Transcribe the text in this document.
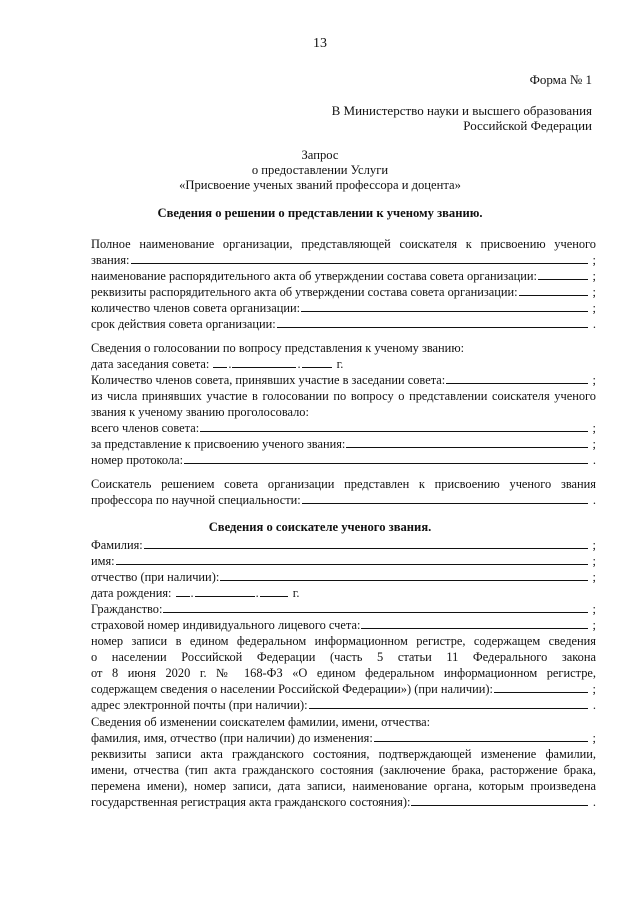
13
Форма № 1
В Министерство науки и высшего образования
Российской Федерации
Запрос
о предоставлении Услуги
«Присвоение ученых званий профессора и доцента»
Сведения о решении о представлении к ученому званию.
Полное наименование организации, представляющей соискателя к присвоению ученого
звания:	;
наименование распорядительного акта об утверждении состава совета организации:	;
реквизиты распорядительного акта об утверждении состава совета организации:	;
количество членов совета организации:	;
срок действия совета организации:	.
Сведения о голосовании по вопросу представления к ученому званию:
дата заседания совета: .	.	г.
Количество членов совета, принявших участие в заседании совета:	;
из числа принявших участие в голосовании по вопросу о представлении соискателя ученого
звания к ученому званию проголосовало:
всего членов совета:	;
за представление к присвоению ученого звания:	;
номер протокола:	.
Соискатель решением совета организации представлен к присвоению ученого звания
профессора по научной специальности:	.
Сведения о соискателе ученого звания.
Фамилия:	;
имя:	;
отчество (при наличии):	;
дата рождения: .	.	г.
Гражданство:	;
страховой номер индивидуального лицевого счета:	;
номер записи в едином федеральном информационном регистре, содержащем сведения
о населении Российской Федерации (часть 5 статьи 11 Федерального закона
от 8 июня 2020 г. № 168-ФЗ «О едином федеральном информационном регистре,
содержащем сведения о населении Российской Федерации») (при наличии):	;
адрес электронной почты (при наличии):	.
Сведения об изменении соискателем фамилии, имени, отчества:
фамилия, имя, отчество (при наличии) до изменения:	;
реквизиты записи акта гражданского состояния, подтверждающей изменение фамилии,
имени, отчества (тип акта гражданского состояния (заключение брака, расторжение брака,
перемена имени), номер записи, дата записи, наименование органа, которым произведена
государственная регистрация акта гражданского состояния):	.
